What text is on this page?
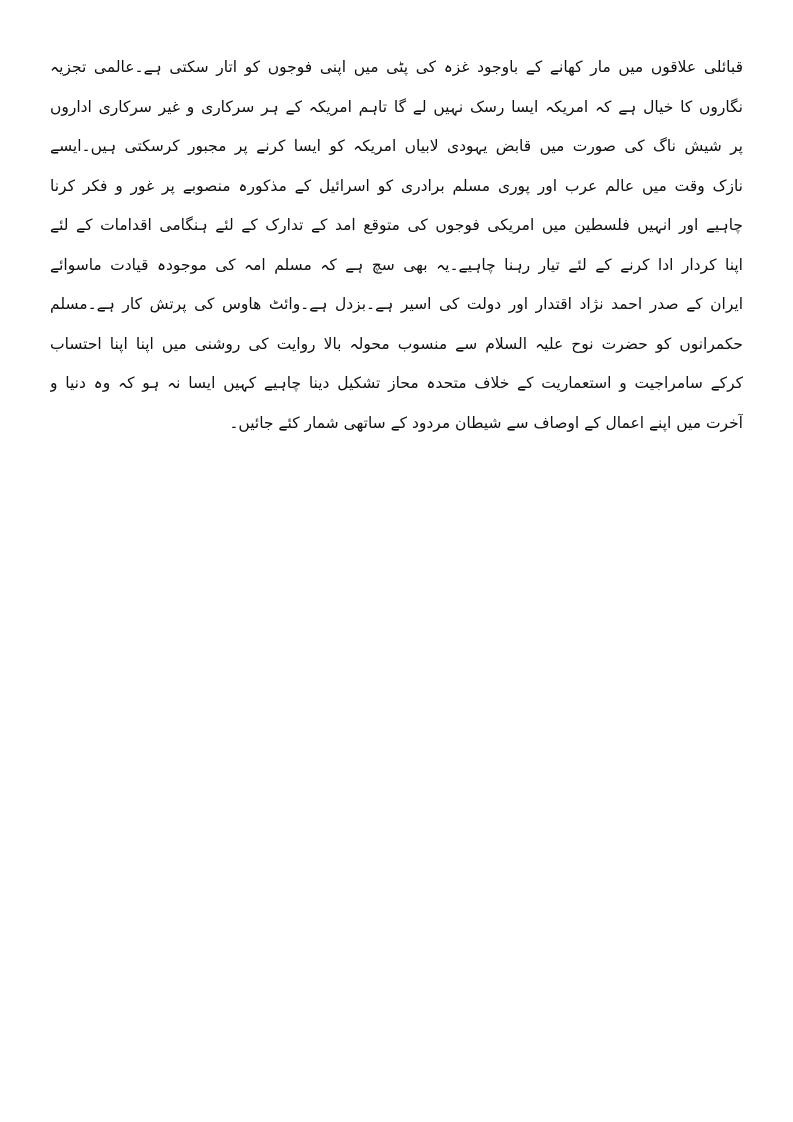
قبائلی علاقوں میں مار کھانے کے باوجود غزہ کی پٹی میں اپنی فوجوں کو اتار سکتی ہے۔عالمی تجزیہ
نگاروں کا خیال ہے کہ امریکہ ایسا رسک نہیں لے گا تاہم امریکہ کے ہر سرکاری و غیر سرکاری اداروں
پر شیش ناگ کی صورت میں قابض یہودی لابیاں امریکہ کو ایسا کرنے پر مجبور کرسکتی ہیں۔ایسے
نازک وقت میں عالم عرب اور پوری مسلم برادری کو اسرائیل کے مذکورہ منصوبے پر غور و فکر کرنا
چاہیے اور انہیں فلسطین میں امریکی فوجوں کی متوقع امد کے تدارک کے لئے ہنگامی اقدامات کے لئے
اپنا کردار ادا کرنے کے لئے تیار رہنا چاہیے۔یہ بھی سچ ہے کہ مسلم امہ کی موجودہ قیادت ماسوائے
ایران کے صدر احمد نژاد اقتدار اور دولت کی اسیر ہے۔بزدل ہے۔وائٹ ھاوس کی پرتش کار ہے۔مسلم
حکمرانوں کو حضرت نوح علیہ السلام سے منسوب محولہ بالا روایت کی روشنی میں اپنا اپنا احتساب
کرکے سامراجیت و استعماریت کے خلاف متحدہ محاز تشکیل دینا چاہیے کہیں ایسا نہ ہو کہ وہ دنیا و
آخرت میں اپنے اعمال کے اوصاف سے شیطان مردود کے ساتھی شمار کئے جائیں۔
